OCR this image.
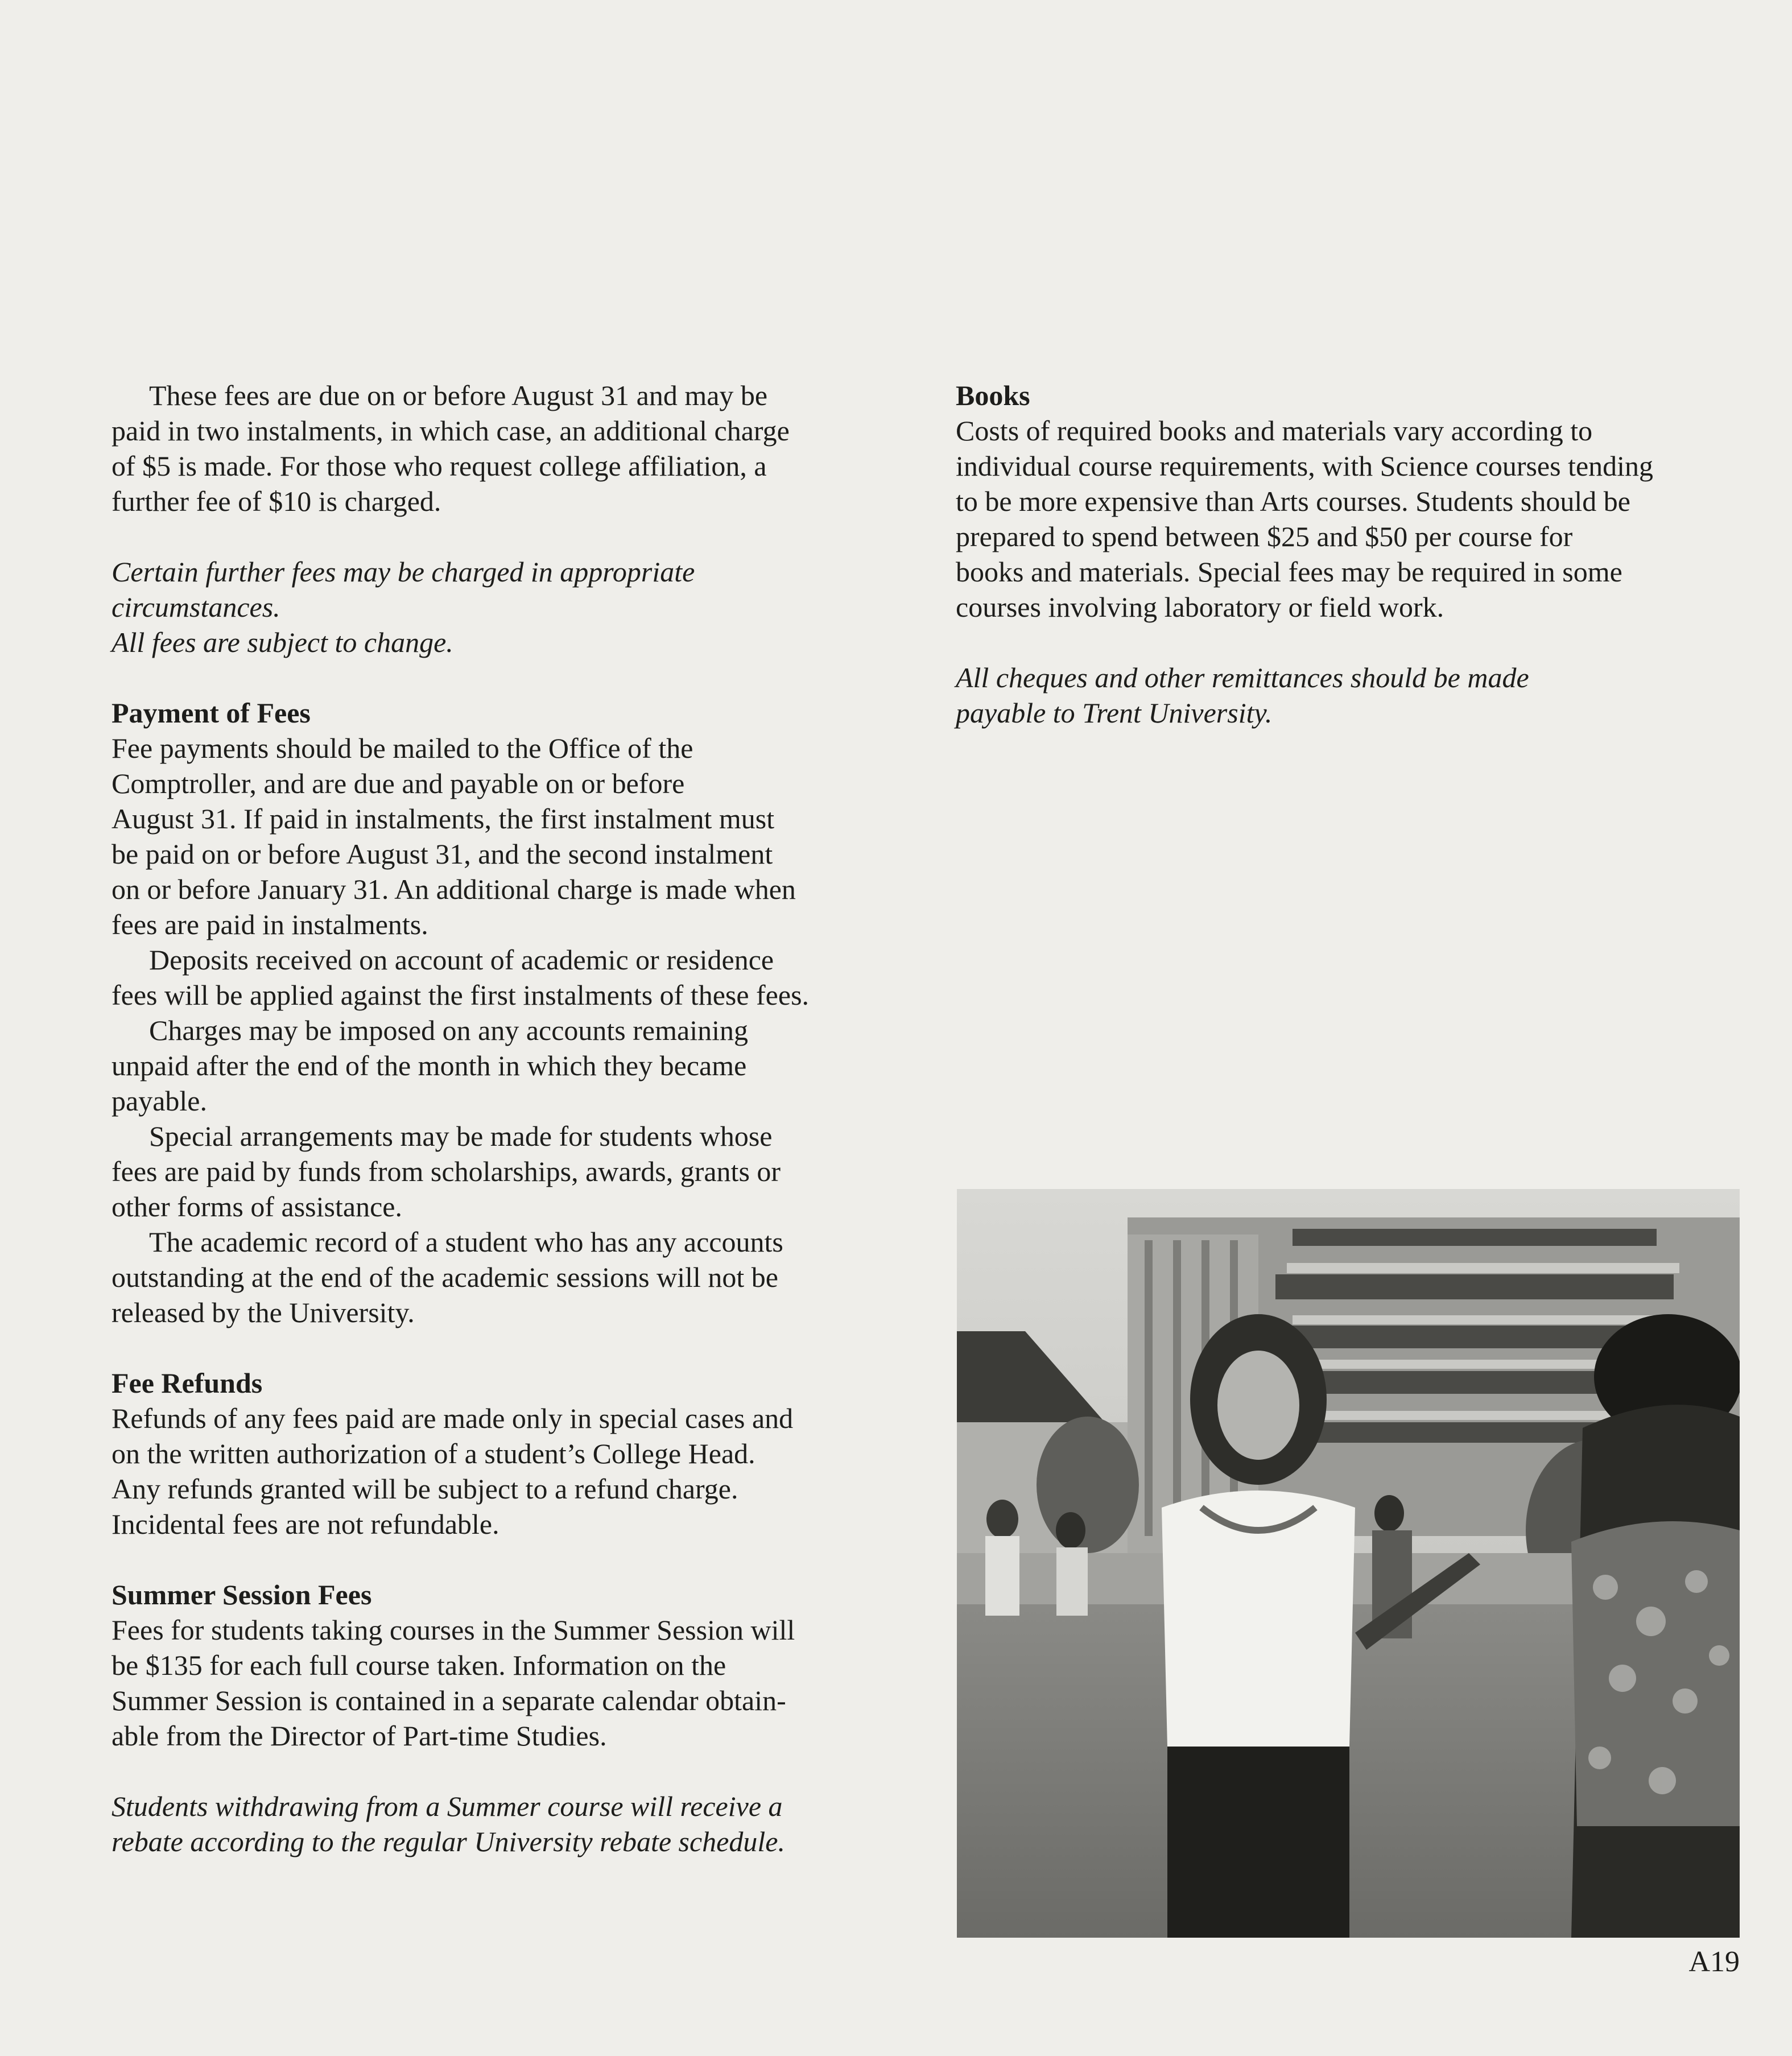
These fees are due on or before August 31 and may be
paid in two instalments, in which case, an additional charge
of $5 is made. For those who request college affiliation, a
further fee of $10 is charged.

Certain further fees may be charged in appropriate
circumstances.
All fees are subject to change.

Payment of Fees

Fee payments should be mailed to the Office of the
Comptroller, and are due and payable on or before
August 31. If paid in instalments, the first instalment must
be paid on or before August 31, and the second instalment
on or before January 31. An additional charge is made when
fees are paid in instalments.

Deposits received on account of academic or residence
fees will be applied against the first instalments of these fees.

Charges may be imposed on any accounts remaining
unpaid after the end of the month in which they became
payable.

Special arrangements may be made for students whose
fees are paid by funds from scholarships, awards, grants or
other forms of assistance.

The academic record of a student who has any accounts
outstanding at the end of the academic sessions will not be
released by the University.

Fee Refunds

Refunds of any fees paid are made only in special cases and
on the written authorization of a student’s College Head.
Any refunds granted will be subject to a refund charge.
Incidental fees are not refundable.

Summer Session Fees

Fees for students taking courses in the Summer Session will
be $135 for each full course taken. Information on the
Summer Session is contained in a separate calendar obtain-
able from the Director of Part-time Studies.

Students withdrawing from a Summer course will receive a
rebate according to the regular University rebate schedule.

Books

Costs of required books and materials vary according to
individual course requirements, with Science courses tending
to be more expensive than Arts courses. Students should be
prepared to spend between $25 and $50 per course for
books and materials. Special fees may be required in some
courses involving laboratory or field work.

All cheques and other remittances should be made
payable to Trent University.

A19
